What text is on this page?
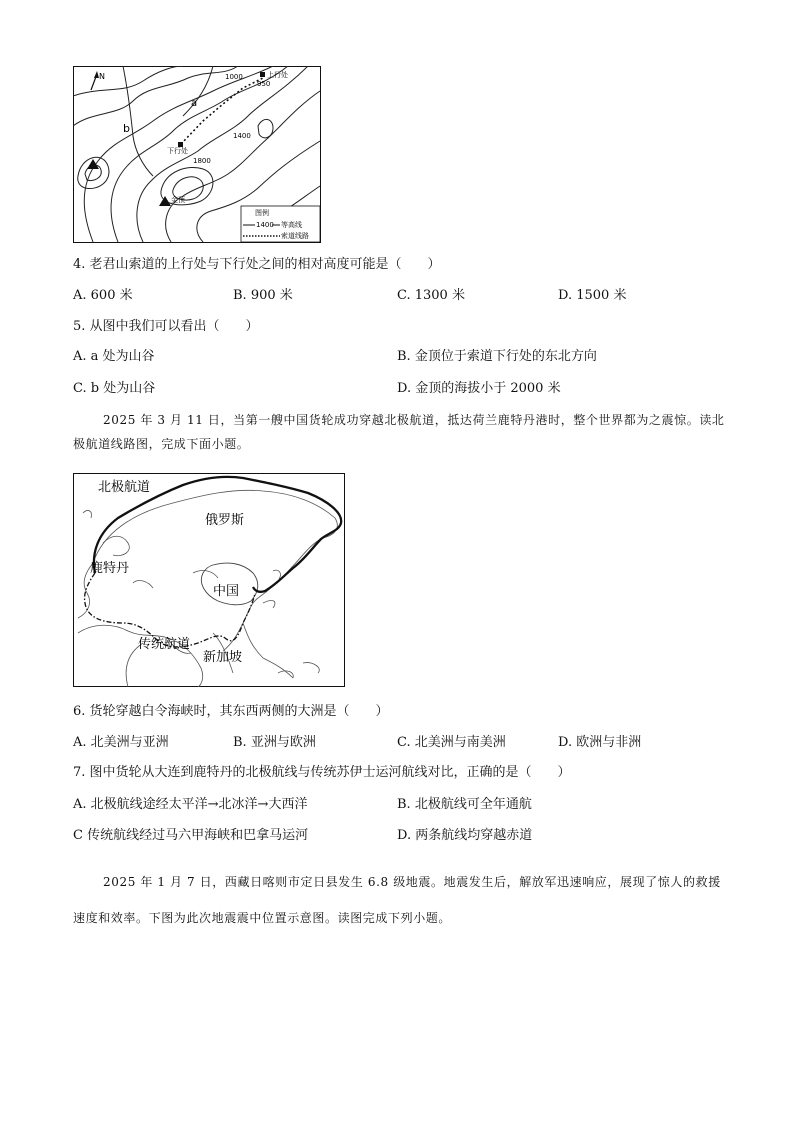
N	上行处
950
1000
1400
下行处
1800
a
b
金顶
图例
1400 等高线
索道线路
4. 老君山索道的上行处与下行处之间的相对高度可能是（　　）
A. 600 米	B. 900 米	C. 1300 米	D. 1500 米
5. 从图中我们可以看出（　　）
A. a 处为山谷	B. 金顶位于索道下行处的东北方向
C. b 处为山谷	D. 金顶的海拔小于 2000 米
2025 年 3 月 11 日，当第一艘中国货轮成功穿越北极航道，抵达荷兰鹿特丹港时，整个世界都为之震惊。读北极航道线路图，完成下面小题。
北极航道
俄罗斯
鹿特丹
中国
传统航道
新加坡
6. 货轮穿越白令海峡时，其东西两侧的大洲是（　　）
A. 北美洲与亚洲	B. 亚洲与欧洲	C. 北美洲与南美洲	D. 欧洲与非洲
7. 图中货轮从大连到鹿特丹的北极航线与传统苏伊士运河航线对比，正确的是（　　）
A. 北极航线途经太平洋→北冰洋→大西洋	B. 北极航线可全年通航
C 传统航线经过马六甲海峡和巴拿马运河	D. 两条航线均穿越赤道
2025 年 1 月 7 日，西藏日喀则市定日县发生 6.8 级地震。地震发生后，解放军迅速响应，展现了惊人的救援速度和效率。下图为此次地震震中位置示意图。读图完成下列小题。
